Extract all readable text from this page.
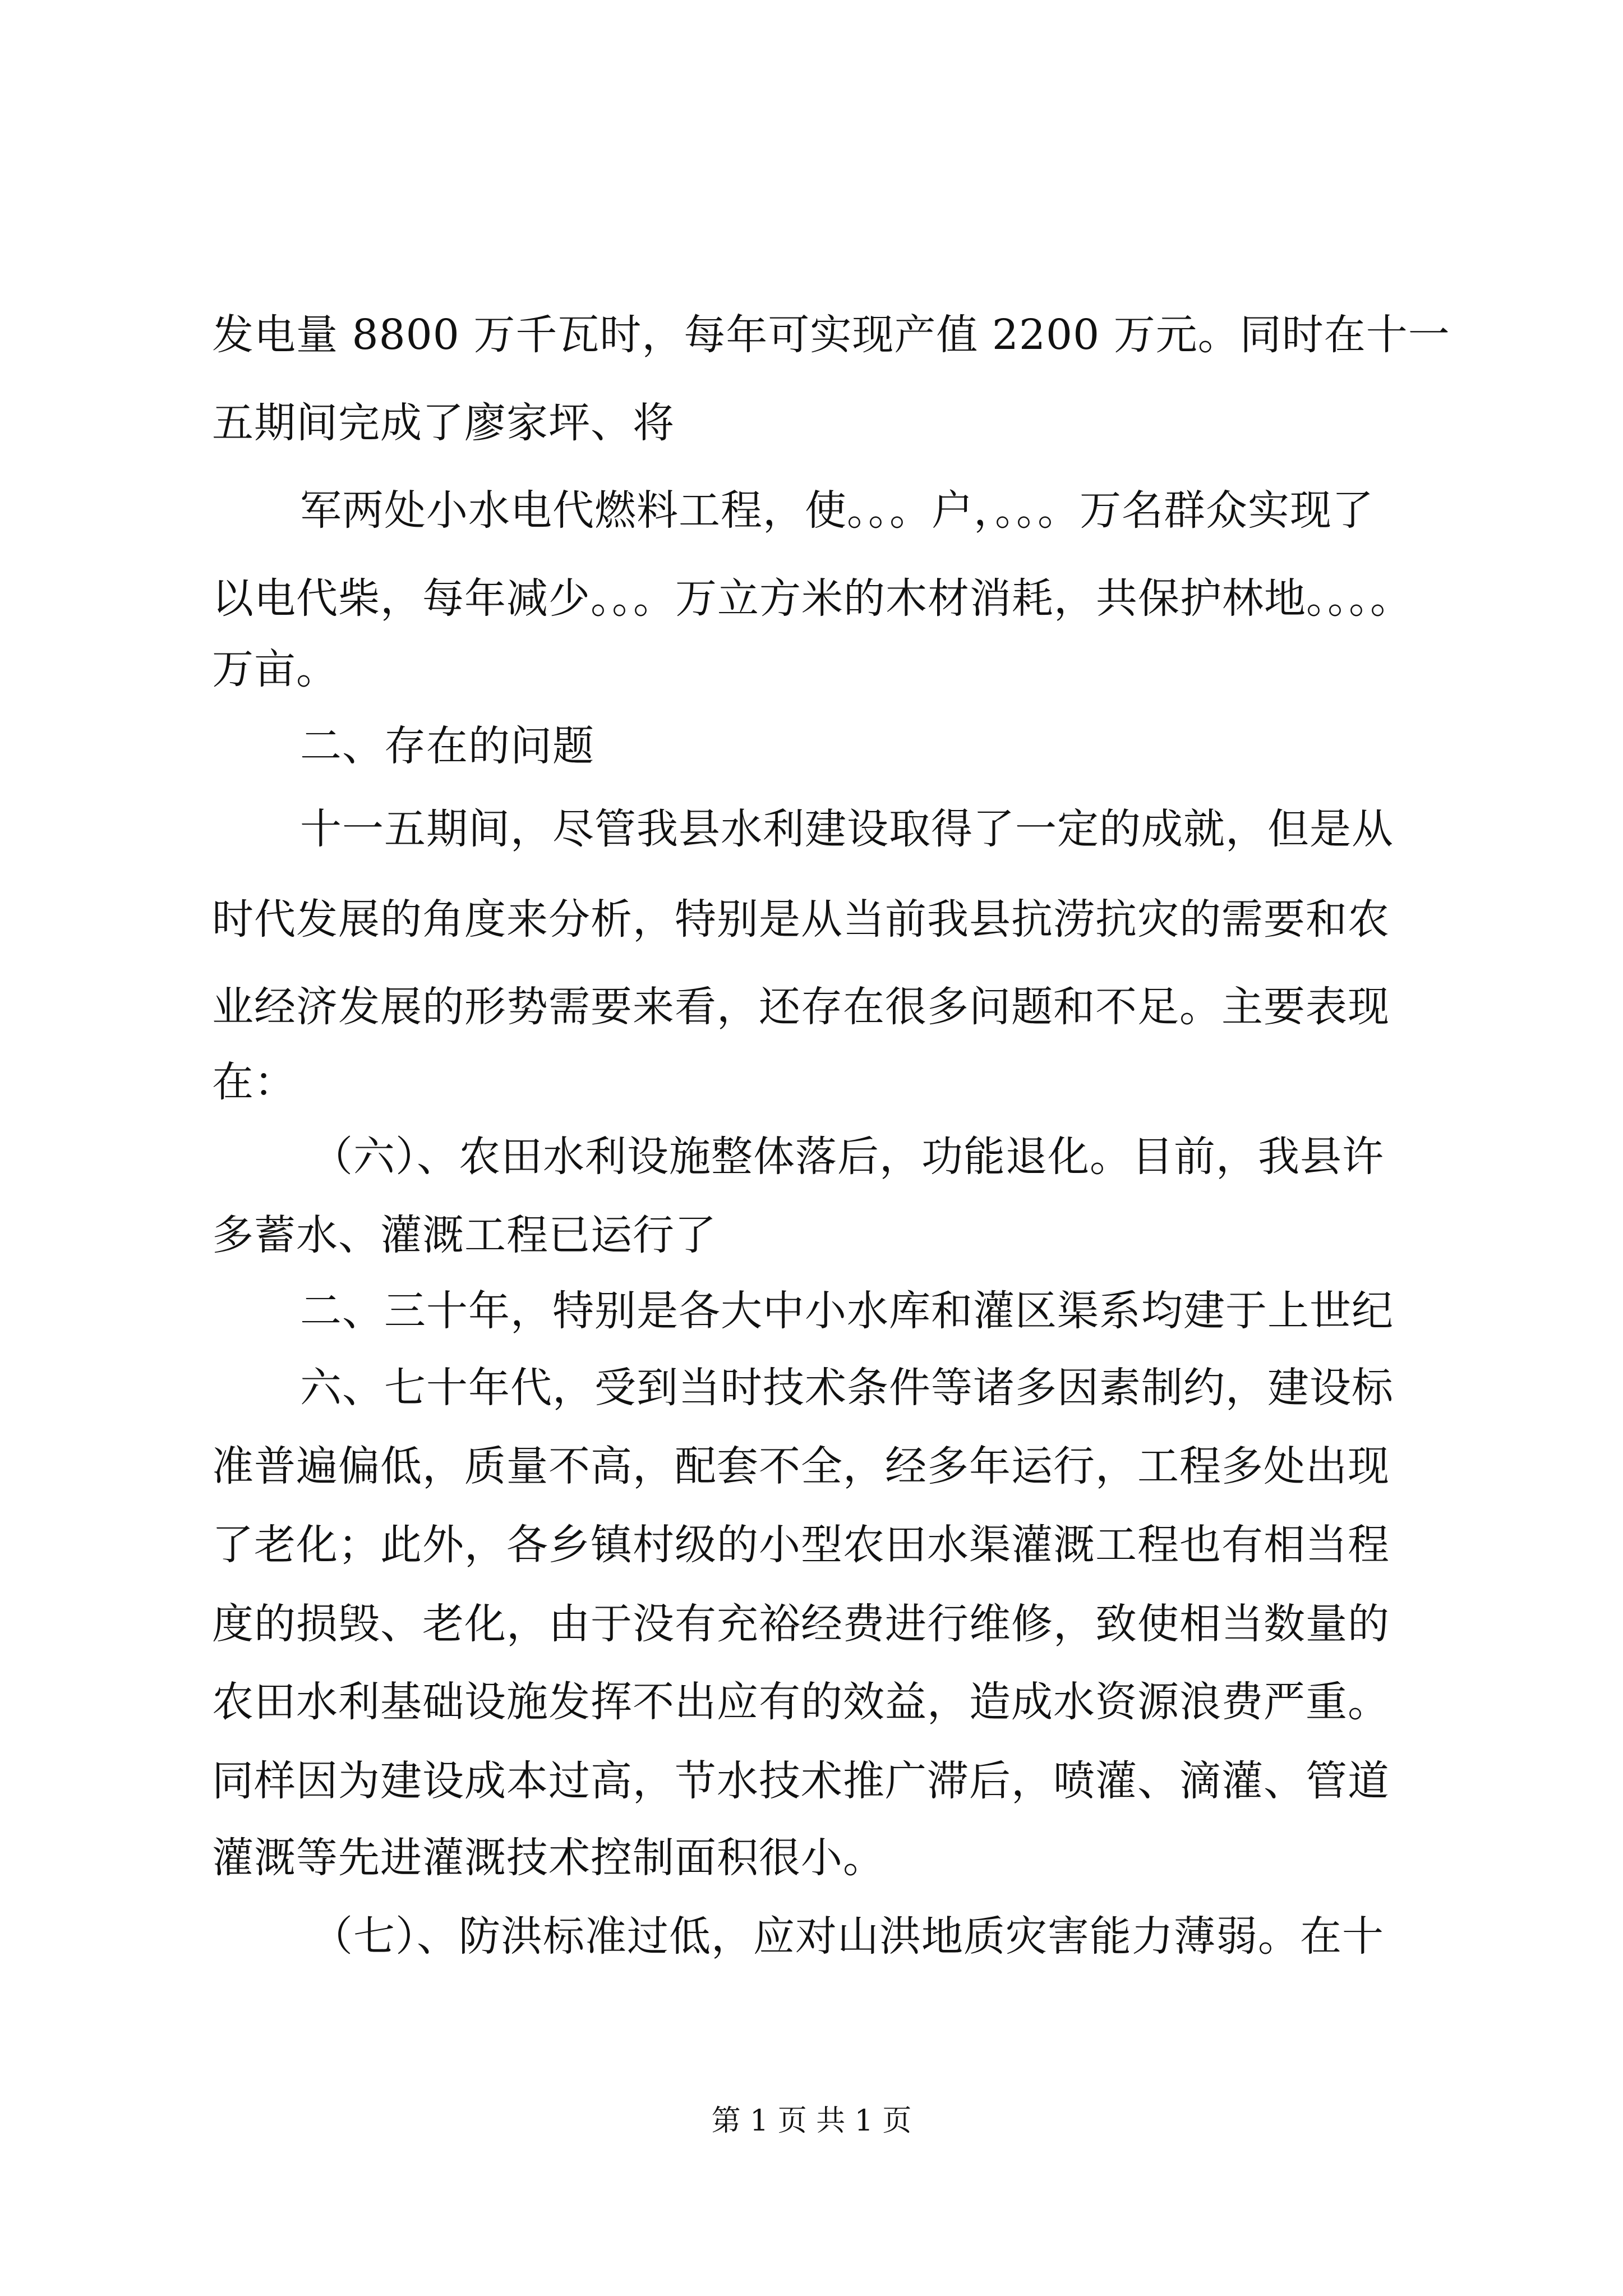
发电量 8800 万千瓦时，每年可实现产值 2200 万元。同时在十一
五期间完成了廖家坪、将
军两处小水电代燃料工程，使。。。户，。。。万名群众实现了
以电代柴，每年减少。。。万立方米的木材消耗，共保护林地。。。。
万亩。
二、存在的问题
十一五期间，尽管我县水利建设取得了一定的成就，但是从
时代发展的角度来分析，特别是从当前我县抗涝抗灾的需要和农
业经济发展的形势需要来看，还存在很多问题和不足。主要表现
在：
（六）、农田水利设施整体落后，功能退化。目前，我县许
多蓄水、灌溉工程已运行了
二、三十年，特别是各大中小水库和灌区渠系均建于上世纪
六、七十年代，受到当时技术条件等诸多因素制约，建设标
准普遍偏低，质量不高，配套不全，经多年运行，工程多处出现
了老化；此外，各乡镇村级的小型农田水渠灌溉工程也有相当程
度的损毁、老化，由于没有充裕经费进行维修，致使相当数量的
农田水利基础设施发挥不出应有的效益，造成水资源浪费严重。
同样因为建设成本过高，节水技术推广滞后，喷灌、滴灌、管道
灌溉等先进灌溉技术控制面积很小。
（七）、防洪标准过低，应对山洪地质灾害能力薄弱。在十
第 1 页 共 1 页
